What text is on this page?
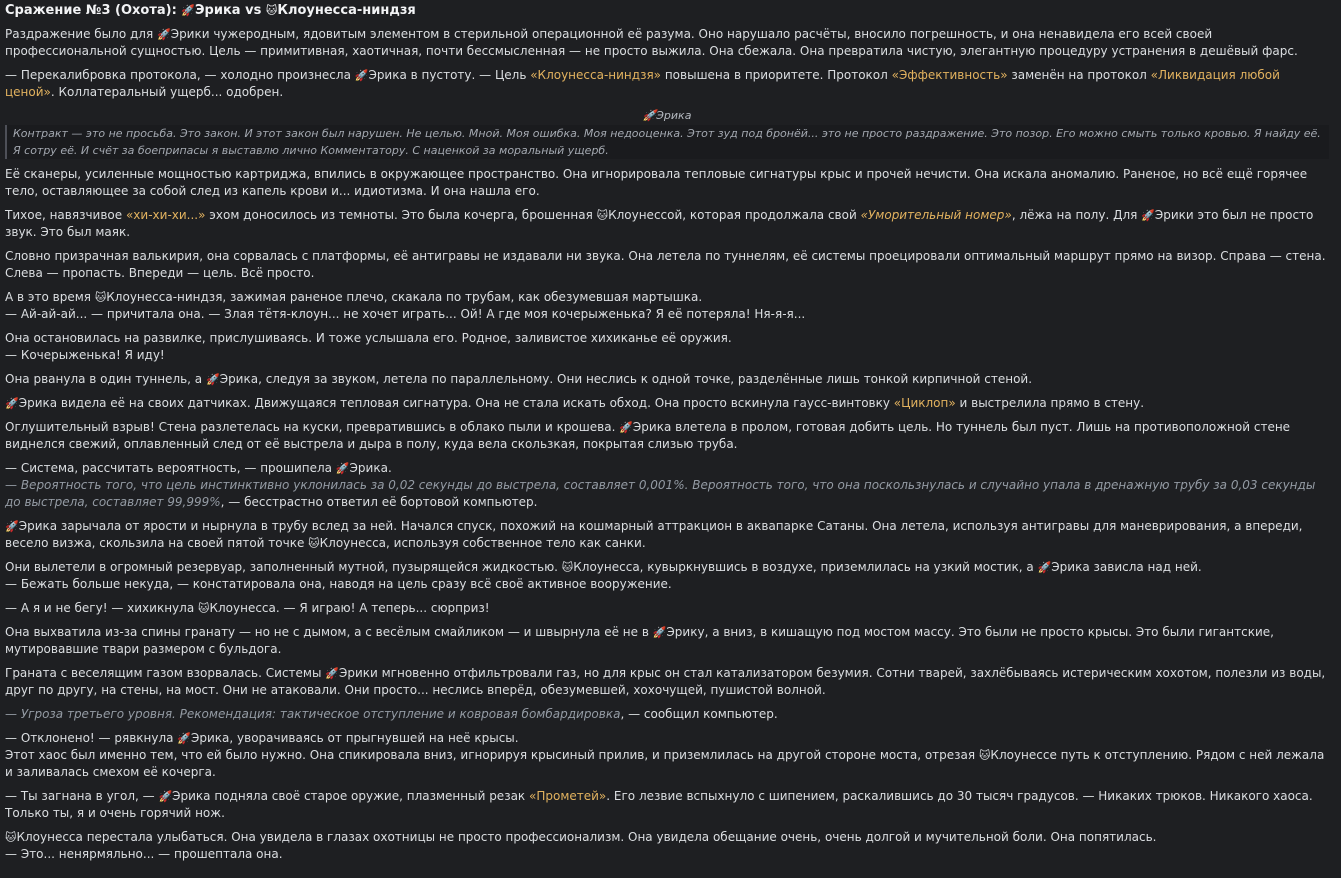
Сражение №3 (Охота): 🚀Эрика vs 🐱Клоунесса-ниндзя

Раздражение было для 🚀Эрики чужеродным, ядовитым элементом в стерильной операционной её разума. Оно нарушало расчёты, вносило погрешность, и она ненавидела его всей своей профессиональной сущностью. Цель — примитивная, хаотичная, почти бессмысленная — не просто выжила. Она сбежала. Она превратила чистую, элегантную процедуру устранения в дешёвый фарс.

— Перекалибровка протокола, — холодно произнесла 🚀Эрика в пустоту. — Цель «Клоунесса-ниндзя» повышена в приоритете. Протокол «Эффективность» заменён на протокол «Ликвидация любой ценой». Коллатеральный ущерб... одобрен.

🚀Эрика
Контракт — это не просьба. Это закон. И этот закон был нарушен. Не целью. Мной. Моя ошибка. Моя недооценка. Этот зуд под бронёй... это не просто раздражение. Это позор. Его можно смыть только кровью. Я найду её. Я сотру её. И счёт за боеприпасы я выставлю лично Комментатору. С наценкой за моральный ущерб.

Её сканеры, усиленные мощностью картриджа, впились в окружающее пространство. Она игнорировала тепловые сигнатуры крыс и прочей нечисти. Она искала аномалию. Раненое, но всё ещё горячее тело, оставляющее за собой след из капель крови и... идиотизма. И она нашла его.

Тихое, навязчивое «хи-хи-хи...» эхом доносилось из темноты. Это была кочерга, брошенная 🐱Клоунессой, которая продолжала свой «Уморительный номер», лёжа на полу. Для 🚀Эрики это был не просто звук. Это был маяк.

Словно призрачная валькирия, она сорвалась с платформы, её антигравы не издавали ни звука. Она летела по туннелям, её системы проецировали оптимальный маршрут прямо на визор. Справа — стена. Слева — пропасть. Впереди — цель. Всё просто.

А в это время 🐱Клоунесса-ниндзя, зажимая раненое плечо, скакала по трубам, как обезумевшая мартышка.
— Ай-ай-ай... — причитала она. — Злая тётя-клоун... не хочет играть... Ой! А где моя кочерыженька? Я её потеряла! Ня-я-я...

Она остановилась на развилке, прислушиваясь. И тоже услышала его. Родное, заливистое хихиканье её оружия.
— Кочерыженька! Я иду!

Она рванула в один туннель, а 🚀Эрика, следуя за звуком, летела по параллельному. Они неслись к одной точке, разделённые лишь тонкой кирпичной стеной.

🚀Эрика видела её на своих датчиках. Движущаяся тепловая сигнатура. Она не стала искать обход. Она просто вскинула гаусс-винтовку «Циклоп» и выстрелила прямо в стену.

Оглушительный взрыв! Стена разлетелась на куски, превратившись в облако пыли и крошева. 🚀Эрика влетела в пролом, готовая добить цель. Но туннель был пуст. Лишь на противоположной стене виднелся свежий, оплавленный след от её выстрела и дыра в полу, куда вела скользкая, покрытая слизью труба.

— Система, рассчитать вероятность, — прошипела 🚀Эрика.
— Вероятность того, что цель инстинктивно уклонилась за 0,02 секунды до выстрела, составляет 0,001%. Вероятность того, что она поскользнулась и случайно упала в дренажную трубу за 0,03 секунды до выстрела, составляет 99,999%, — бесстрастно ответил её бортовой компьютер.

🚀Эрика зарычала от ярости и нырнула в трубу вслед за ней. Начался спуск, похожий на кошмарный аттракцион в аквапарке Сатаны. Она летела, используя антигравы для маневрирования, а впереди, весело визжа, скользила на своей пятой точке 🐱Клоунесса, используя собственное тело как санки.

Они вылетели в огромный резервуар, заполненный мутной, пузырящейся жидкостью. 🐱Клоунесса, кувыркнувшись в воздухе, приземлилась на узкий мостик, а 🚀Эрика зависла над ней.
— Бежать больше некуда, — констатировала она, наводя на цель сразу всё своё активное вооружение.

— А я и не бегу! — хихикнула 🐱Клоунесса. — Я играю! А теперь... сюрприз!

Она выхватила из-за спины гранату — но не с дымом, а с весёлым смайликом — и швырнула её не в 🚀Эрику, а вниз, в кишащую под мостом массу. Это были не просто крысы. Это были гигантские, мутировавшие твари размером с бульдога.

Граната с веселящим газом взорвалась. Системы 🚀Эрики мгновенно отфильтровали газ, но для крыс он стал катализатором безумия. Сотни тварей, захлёбываясь истерическим хохотом, полезли из воды, друг по другу, на стены, на мост. Они не атаковали. Они просто... неслись вперёд, обезумевшей, хохочущей, пушистой волной.

— Угроза третьего уровня. Рекомендация: тактическое отступление и ковровая бомбардировка, — сообщил компьютер.

— Отклонено! — рявкнула 🚀Эрика, уворачиваясь от прыгнувшей на неё крысы.
Этот хаос был именно тем, что ей было нужно. Она спикировала вниз, игнорируя крысиный прилив, и приземлилась на другой стороне моста, отрезая 🐱Клоунессе путь к отступлению. Рядом с ней лежала и заливалась смехом её кочерга.

— Ты загнана в угол, — 🚀Эрика подняла своё старое оружие, плазменный резак «Прометей». Его лезвие вспыхнуло с шипением, раскалившись до 30 тысяч градусов. — Никаких трюков. Никакого хаоса. Только ты, я и очень горячий нож.

🐱Клоунесса перестала улыбаться. Она увидела в глазах охотницы не просто профессионализм. Она увидела обещание очень, очень долгой и мучительной боли. Она попятилась.
— Это... ненярмяльно... — прошептала она.
